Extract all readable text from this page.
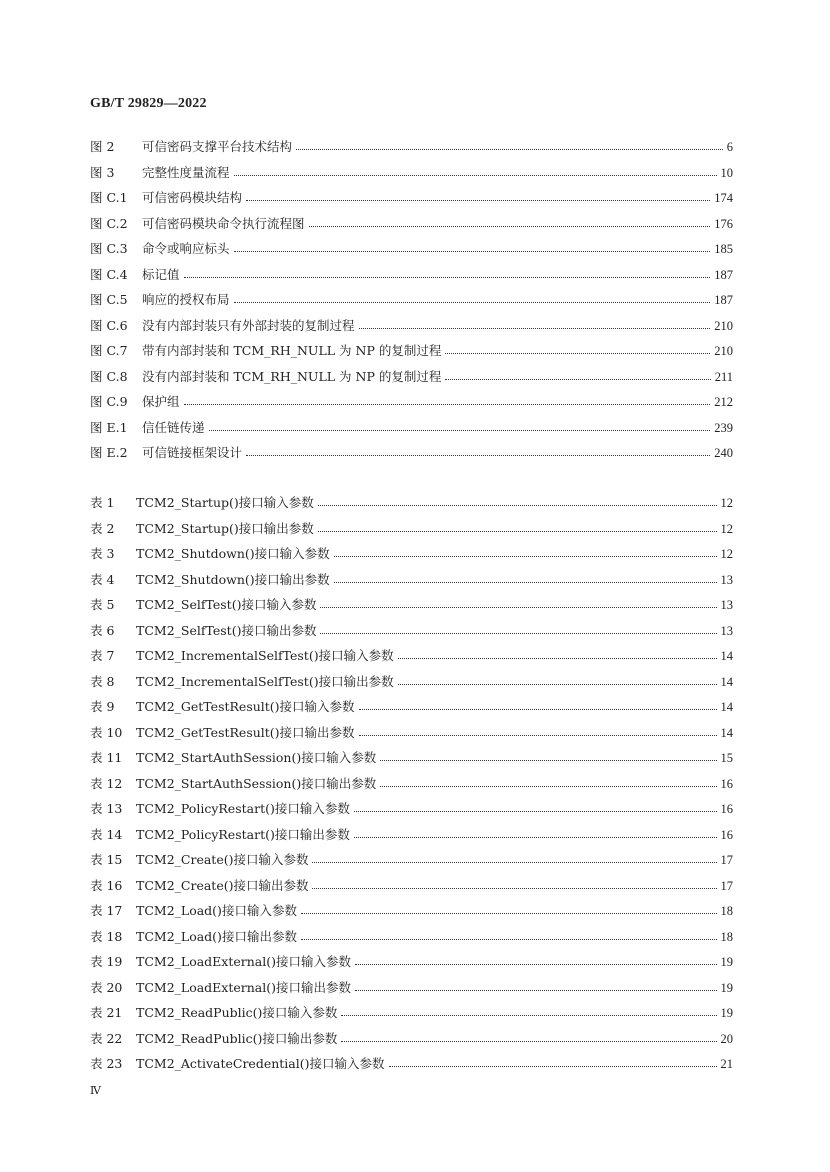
GB/T 29829—2022
图 2	可信密码支撑平台技术结构	6
图 3	完整性度量流程	10
图 C.1	可信密码模块结构	174
图 C.2	可信密码模块命令执行流程图	176
图 C.3	命令或响应标头	185
图 C.4	标记值	187
图 C.5	响应的授权布局	187
图 C.6	没有内部封装只有外部封装的复制过程	210
图 C.7	带有内部封装和 TCM_RH_NULL 为 NP 的复制过程	210
图 C.8	没有内部封装和 TCM_RH_NULL 为 NP 的复制过程	211
图 C.9	保护组	212
图 E.1	信任链传递	239
图 E.2	可信链接框架设计	240
表 1	TCM2_Startup()接口输入参数	12
表 2	TCM2_Startup()接口输出参数	12
表 3	TCM2_Shutdown()接口输入参数	12
表 4	TCM2_Shutdown()接口输出参数	13
表 5	TCM2_SelfTest()接口输入参数	13
表 6	TCM2_SelfTest()接口输出参数	13
表 7	TCM2_IncrementalSelfTest()接口输入参数	14
表 8	TCM2_IncrementalSelfTest()接口输出参数	14
表 9	TCM2_GetTestResult()接口输入参数	14
表 10	TCM2_GetTestResult()接口输出参数	14
表 11	TCM2_StartAuthSession()接口输入参数	15
表 12	TCM2_StartAuthSession()接口输出参数	16
表 13	TCM2_PolicyRestart()接口输入参数	16
表 14	TCM2_PolicyRestart()接口输出参数	16
表 15	TCM2_Create()接口输入参数	17
表 16	TCM2_Create()接口输出参数	17
表 17	TCM2_Load()接口输入参数	18
表 18	TCM2_Load()接口输出参数	18
表 19	TCM2_LoadExternal()接口输入参数	19
表 20	TCM2_LoadExternal()接口输出参数	19
表 21	TCM2_ReadPublic()接口输入参数	19
表 22	TCM2_ReadPublic()接口输出参数	20
表 23	TCM2_ActivateCredential()接口输入参数	21
Ⅳ
